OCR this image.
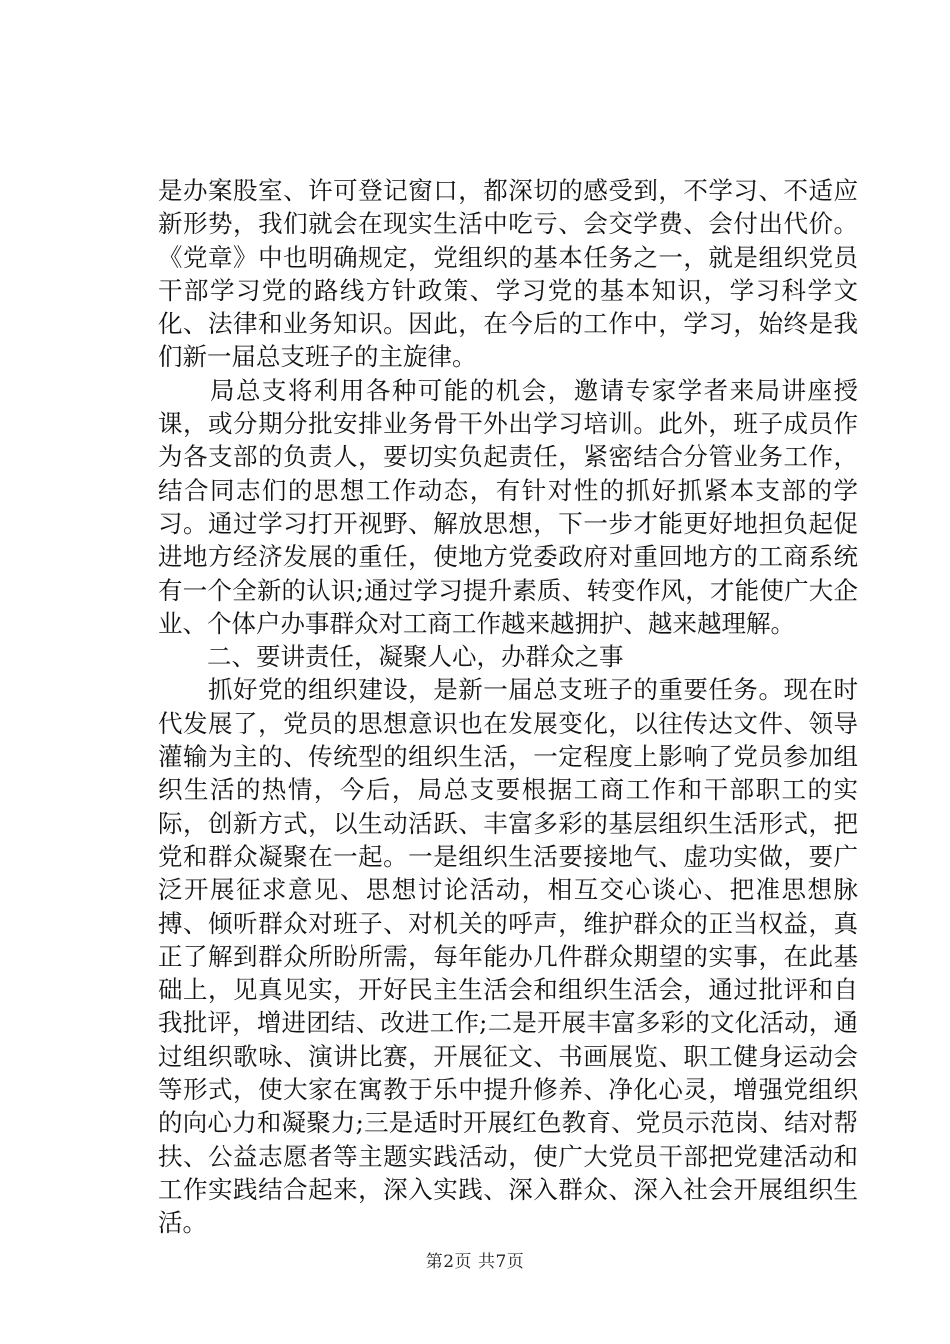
是办案股室、许可登记窗口，都深切的感受到，不学习、不适应新形势，我们就会在现实生活中吃亏、会交学费、会付出代价。《党章》中也明确规定，党组织的基本任务之一，就是组织党员干部学习党的路线方针政策、学习党的基本知识，学习科学文化、法律和业务知识。因此，在今后的工作中，学习，始终是我们新一届总支班子的主旋律。

　　局总支将利用各种可能的机会，邀请专家学者来局讲座授课，或分期分批安排业务骨干外出学习培训。此外，班子成员作为各支部的负责人，要切实负起责任，紧密结合分管业务工作，结合同志们的思想工作动态，有针对性的抓好抓紧本支部的学习。通过学习打开视野、解放思想，下一步才能更好地担负起促进地方经济发展的重任，使地方党委政府对重回地方的工商系统有一个全新的认识;通过学习提升素质、转变作风，才能使广大企业、个体户办事群众对工商工作越来越拥护、越来越理解。

　　二、要讲责任，凝聚人心，办群众之事

　　抓好党的组织建设，是新一届总支班子的重要任务。现在时代发展了，党员的思想意识也在发展变化，以往传达文件、领导灌输为主的、传统型的组织生活，一定程度上影响了党员参加组织生活的热情，今后，局总支要根据工商工作和干部职工的实际，创新方式，以生动活跃、丰富多彩的基层组织生活形式，把党和群众凝聚在一起。一是组织生活要接地气、虚功实做，要广泛开展征求意见、思想讨论活动，相互交心谈心、把准思想脉搏、倾听群众对班子、对机关的呼声，维护群众的正当权益，真正了解到群众所盼所需，每年能办几件群众期望的实事，在此基础上，见真见实，开好民主生活会和组织生活会，通过批评和自我批评，增进团结、改进工作;二是开展丰富多彩的文化活动，通过组织歌咏、演讲比赛，开展征文、书画展览、职工健身运动会等形式，使大家在寓教于乐中提升修养、净化心灵，增强党组织的向心力和凝聚力;三是适时开展红色教育、党员示范岗、结对帮扶、公益志愿者等主题实践活动，使广大党员干部把党建活动和工作实践结合起来，深入实践、深入群众、深入社会开展组织生活。

第2页 共7页
